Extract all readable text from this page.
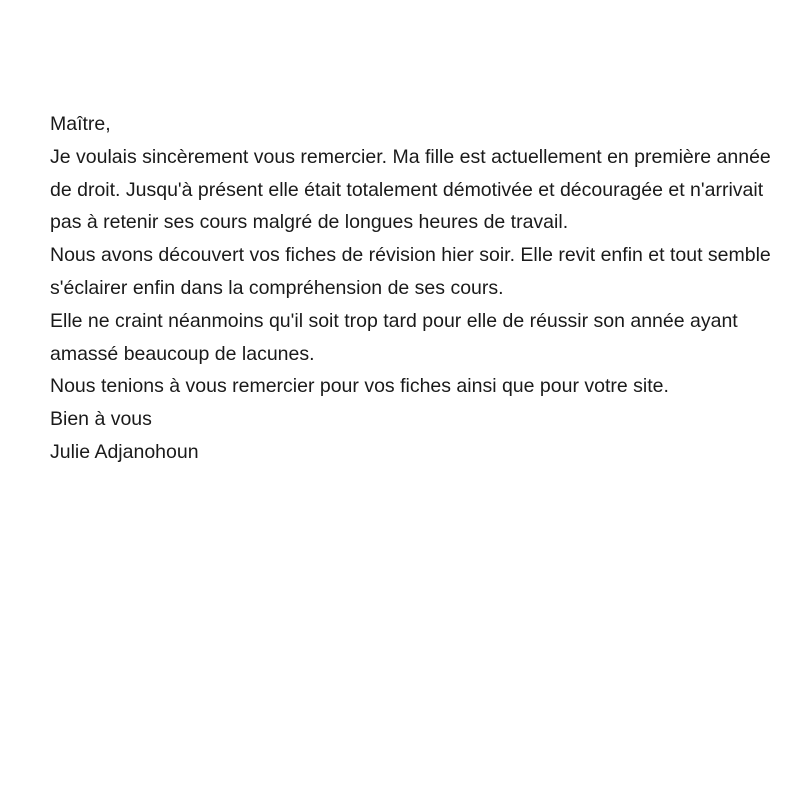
Maître,

Je voulais sincèrement vous remercier. Ma fille est actuellement en première année de droit. Jusqu'à présent elle était totalement démotivée et découragée et n'arrivait pas à retenir ses cours malgré de longues heures de travail.

Nous avons découvert vos fiches de révision hier soir. Elle revit enfin et tout semble s'éclairer enfin dans la compréhension de ses cours.

Elle ne craint néanmoins qu'il soit trop tard pour elle de réussir son année ayant amassé beaucoup de lacunes.

Nous tenions à vous remercier pour vos fiches ainsi que pour votre site.

Bien à vous

Julie Adjanohoun
